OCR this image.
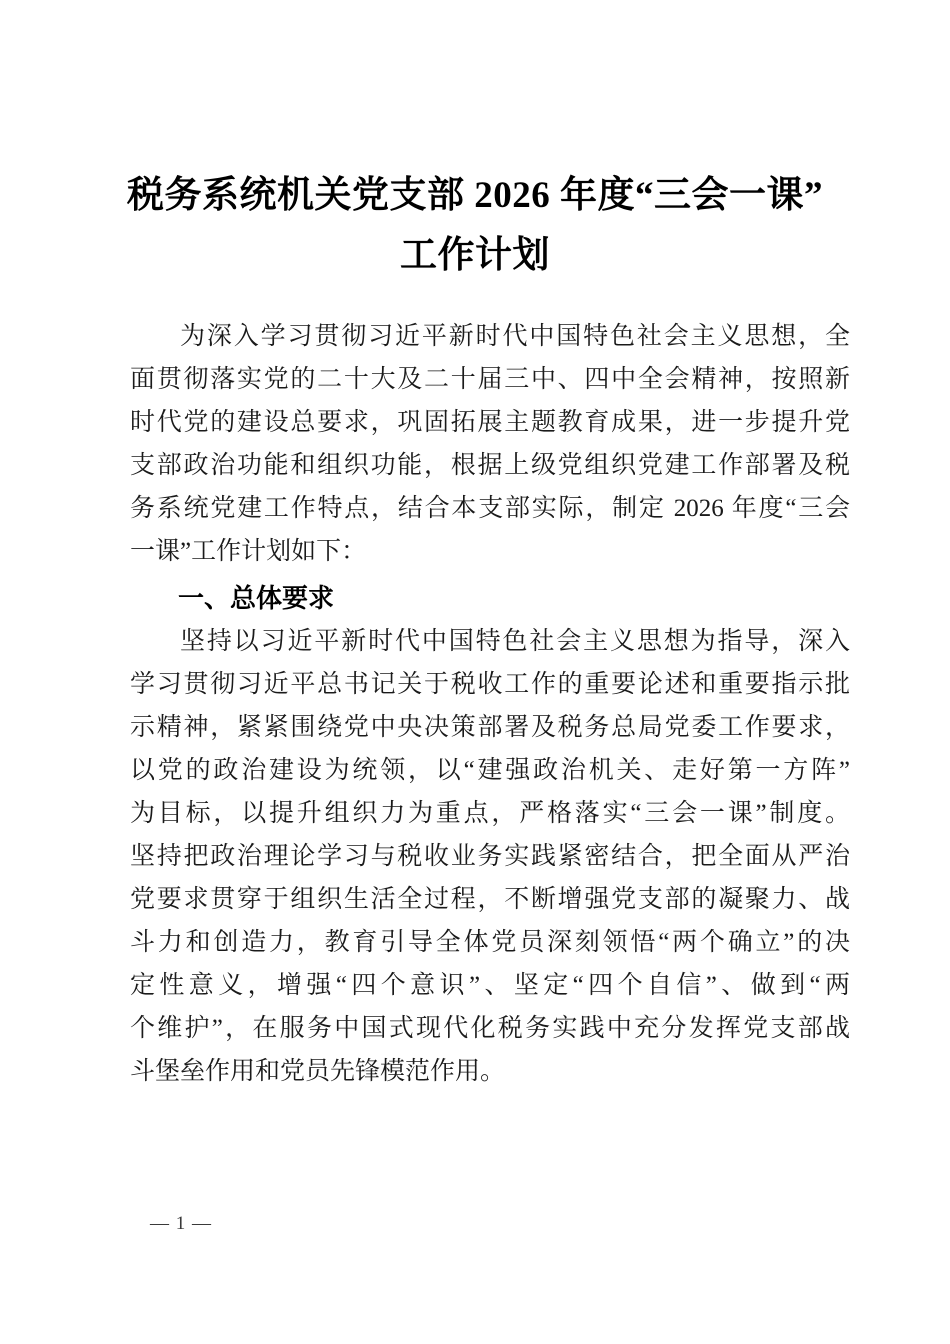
税务系统机关党支部 2026 年度“三会一课”
工作计划
为深入学习贯彻习近平新时代中国特色社会主义思想，全
面贯彻落实党的二十大及二十届三中、四中全会精神，按照新
时代党的建设总要求，巩固拓展主题教育成果，进一步提升党
支部政治功能和组织功能，根据上级党组织党建工作部署及税
务系统党建工作特点，结合本支部实际，制定 2026 年度“三会
一课”工作计划如下：
一、总体要求
坚持以习近平新时代中国特色社会主义思想为指导，深入
学习贯彻习近平总书记关于税收工作的重要论述和重要指示批
示精神，紧紧围绕党中央决策部署及税务总局党委工作要求，
以党的政治建设为统领，以“建强政治机关、走好第一方阵”
为目标，以提升组织力为重点，严格落实“三会一课”制度。
坚持把政治理论学习与税收业务实践紧密结合，把全面从严治
党要求贯穿于组织生活全过程，不断增强党支部的凝聚力、战
斗力和创造力，教育引导全体党员深刻领悟“两个确立”的决
定性意义，增强“四个意识”、坚定“四个自信”、做到“两
个维护”，在服务中国式现代化税务实践中充分发挥党支部战
斗堡垒作用和党员先锋模范作用。
— 1 —
